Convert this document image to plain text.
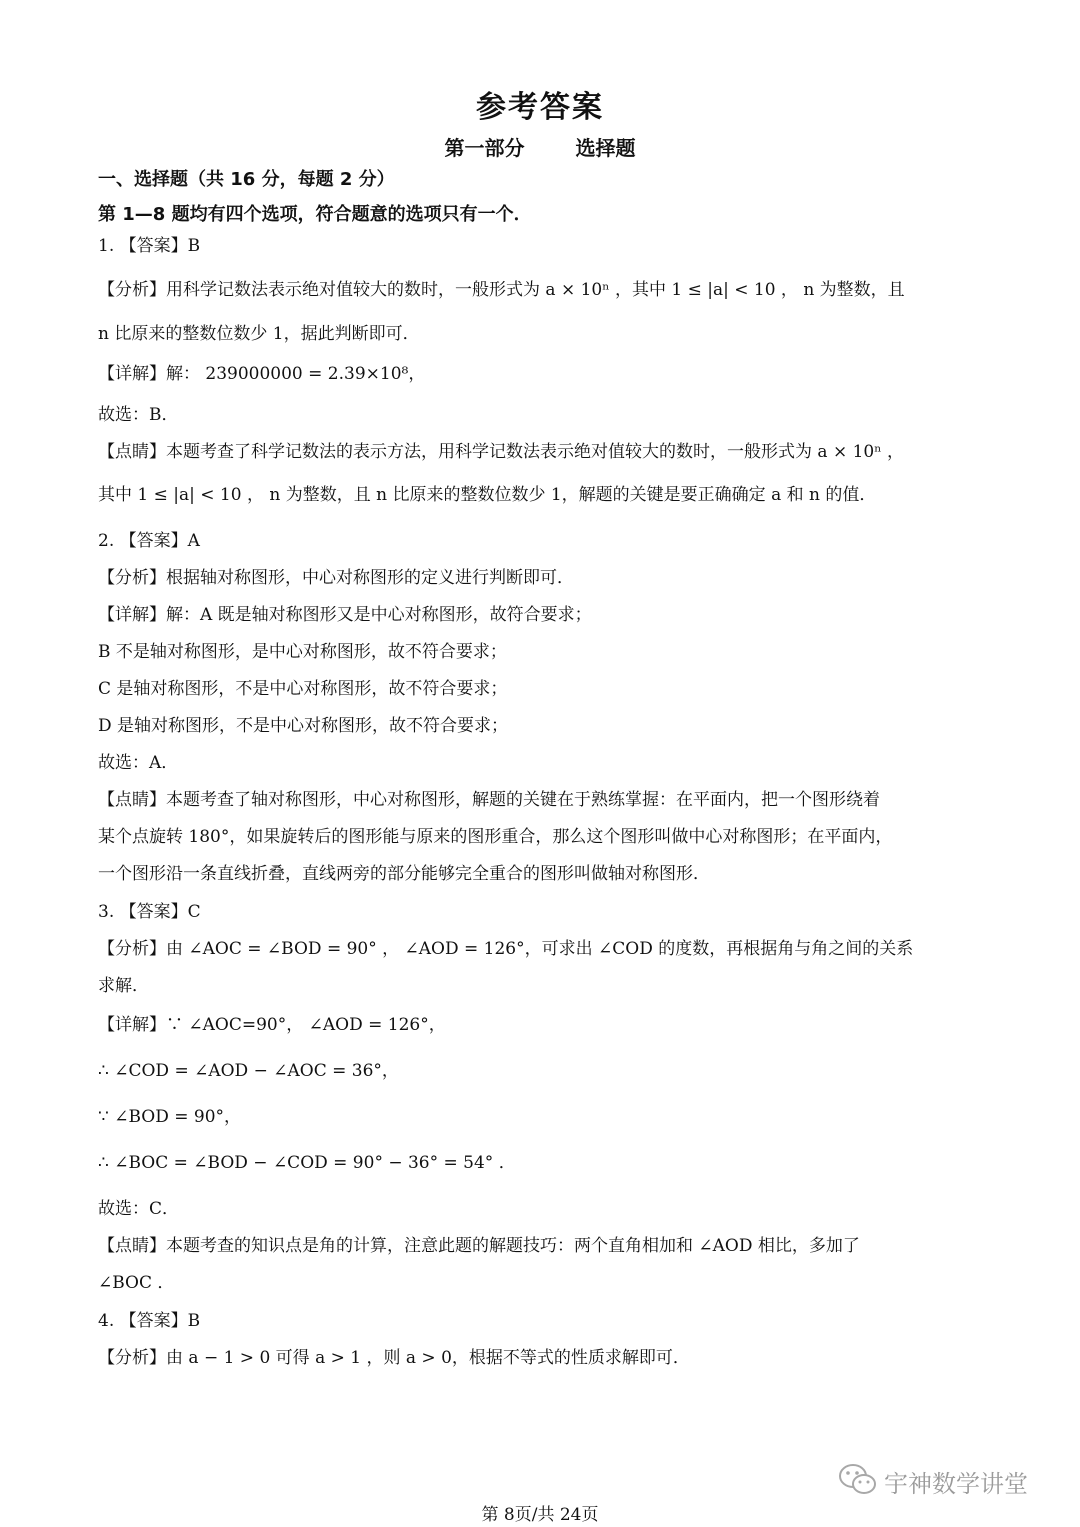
参考答案
第一部分	选择题
一、选择题（共 16 分，每题 2 分）
第 1—8 题均有四个选项，符合题意的选项只有一个．
1. 【答案】B
【分析】用科学记数法表示绝对值较大的数时，一般形式为 a × 10ⁿ ，其中 1 ≤ |a| < 10 ， n 为整数，且
n 比原来的整数位数少 1，据此判断即可．
【详解】解： 239000000 = 2.39×10⁸，
故选：B．
【点睛】本题考查了科学记数法的表示方法，用科学记数法表示绝对值较大的数时，一般形式为 a × 10ⁿ ，
其中 1 ≤ |a| < 10 ， n 为整数，且 n 比原来的整数位数少 1，解题的关键是要正确确定 a 和 n 的值．
2. 【答案】A
【分析】根据轴对称图形，中心对称图形的定义进行判断即可．
【详解】解：A 既是轴对称图形又是中心对称图形，故符合要求；
B 不是轴对称图形，是中心对称图形，故不符合要求；
C 是轴对称图形，不是中心对称图形，故不符合要求；
D 是轴对称图形，不是中心对称图形，故不符合要求；
故选：A．
【点睛】本题考查了轴对称图形，中心对称图形，解题的关键在于熟练掌握：在平面内，把一个图形绕着
某个点旋转 180°，如果旋转后的图形能与原来的图形重合，那么这个图形叫做中心对称图形；在平面内，
一个图形沿一条直线折叠，直线两旁的部分能够完全重合的图形叫做轴对称图形．
3. 【答案】C
【分析】由 ∠AOC = ∠BOD = 90° ， ∠AOD = 126°，可求出 ∠COD 的度数，再根据角与角之间的关系
求解．
【详解】∵ ∠AOC=90°， ∠AOD = 126°，
∴ ∠COD = ∠AOD − ∠AOC = 36°，
∵ ∠BOD = 90°，
∴ ∠BOC = ∠BOD − ∠COD = 90° − 36° = 54° ．
故选：C．
【点睛】本题考查的知识点是角的计算，注意此题的解题技巧：两个直角相加和 ∠AOD 相比，多加了
∠BOC ．
4. 【答案】B
【分析】由 a − 1 > 0 可得 a > 1 ，则 a > 0，根据不等式的性质求解即可．
宇神数学讲堂
第 8页/共 24页
